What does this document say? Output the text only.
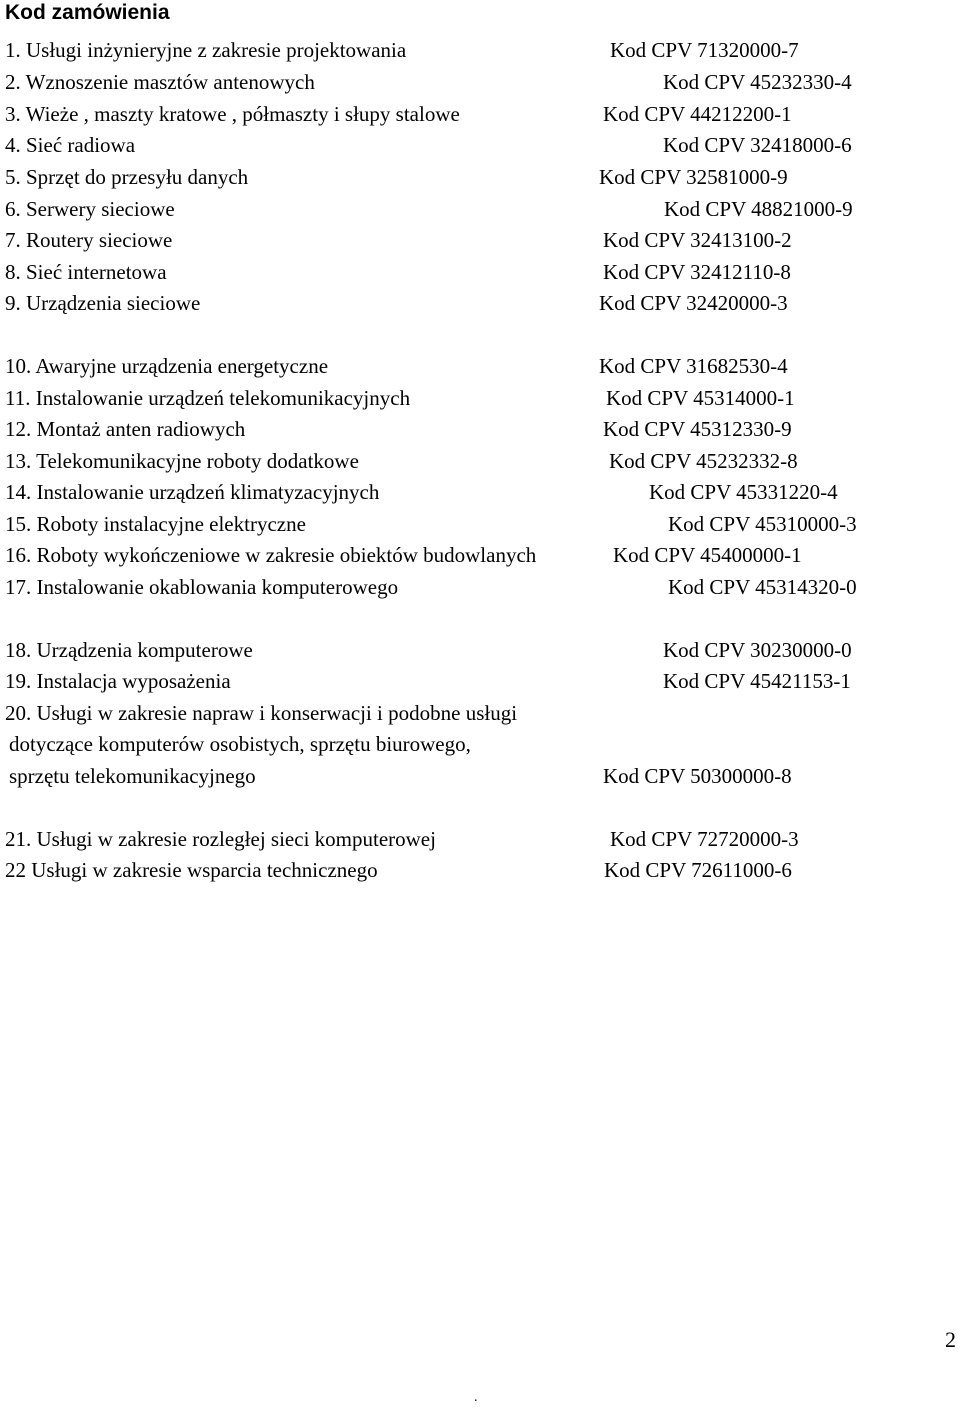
Kod zamówienia
1. Usługi inżynieryjne z zakresie projektowania	Kod CPV 71320000-7
2. Wznoszenie masztów antenowych	Kod CPV 45232330-4
3. Wieże , maszty kratowe , półmaszty i słupy stalowe	Kod CPV 44212200-1
4. Sieć radiowa	Kod CPV 32418000-6
5. Sprzęt do przesyłu danych	Kod CPV 32581000-9
6. Serwery sieciowe	Kod CPV 48821000-9
7. Routery sieciowe	Kod CPV 32413100-2
8. Sieć internetowa	Kod CPV 32412110-8
9. Urządzenia sieciowe	Kod CPV 32420000-3
10. Awaryjne urządzenia energetyczne	Kod CPV 31682530-4
11. Instalowanie urządzeń telekomunikacyjnych	Kod CPV 45314000-1
12. Montaż anten radiowych	Kod CPV 45312330-9
13. Telekomunikacyjne roboty dodatkowe	Kod CPV 45232332-8
14. Instalowanie urządzeń klimatyzacyjnych	Kod CPV 45331220-4
15. Roboty instalacyjne elektryczne	Kod CPV 45310000-3
16. Roboty wykończeniowe w zakresie obiektów budowlanych	Kod CPV 45400000-1
17. Instalowanie okablowania komputerowego	Kod CPV 45314320-0
18. Urządzenia komputerowe	Kod CPV 30230000-0
19. Instalacja wyposażenia	Kod CPV 45421153-1
20. Usługi w zakresie napraw i konserwacji i podobne usługi
dotyczące komputerów osobistych, sprzętu biurowego,
sprzętu telekomunikacyjnego	Kod CPV 50300000-8
21. Usługi w zakresie rozległej sieci komputerowej	Kod CPV 72720000-3
22 Usługi w zakresie wsparcia technicznego	Kod CPV 72611000-6
2
.
